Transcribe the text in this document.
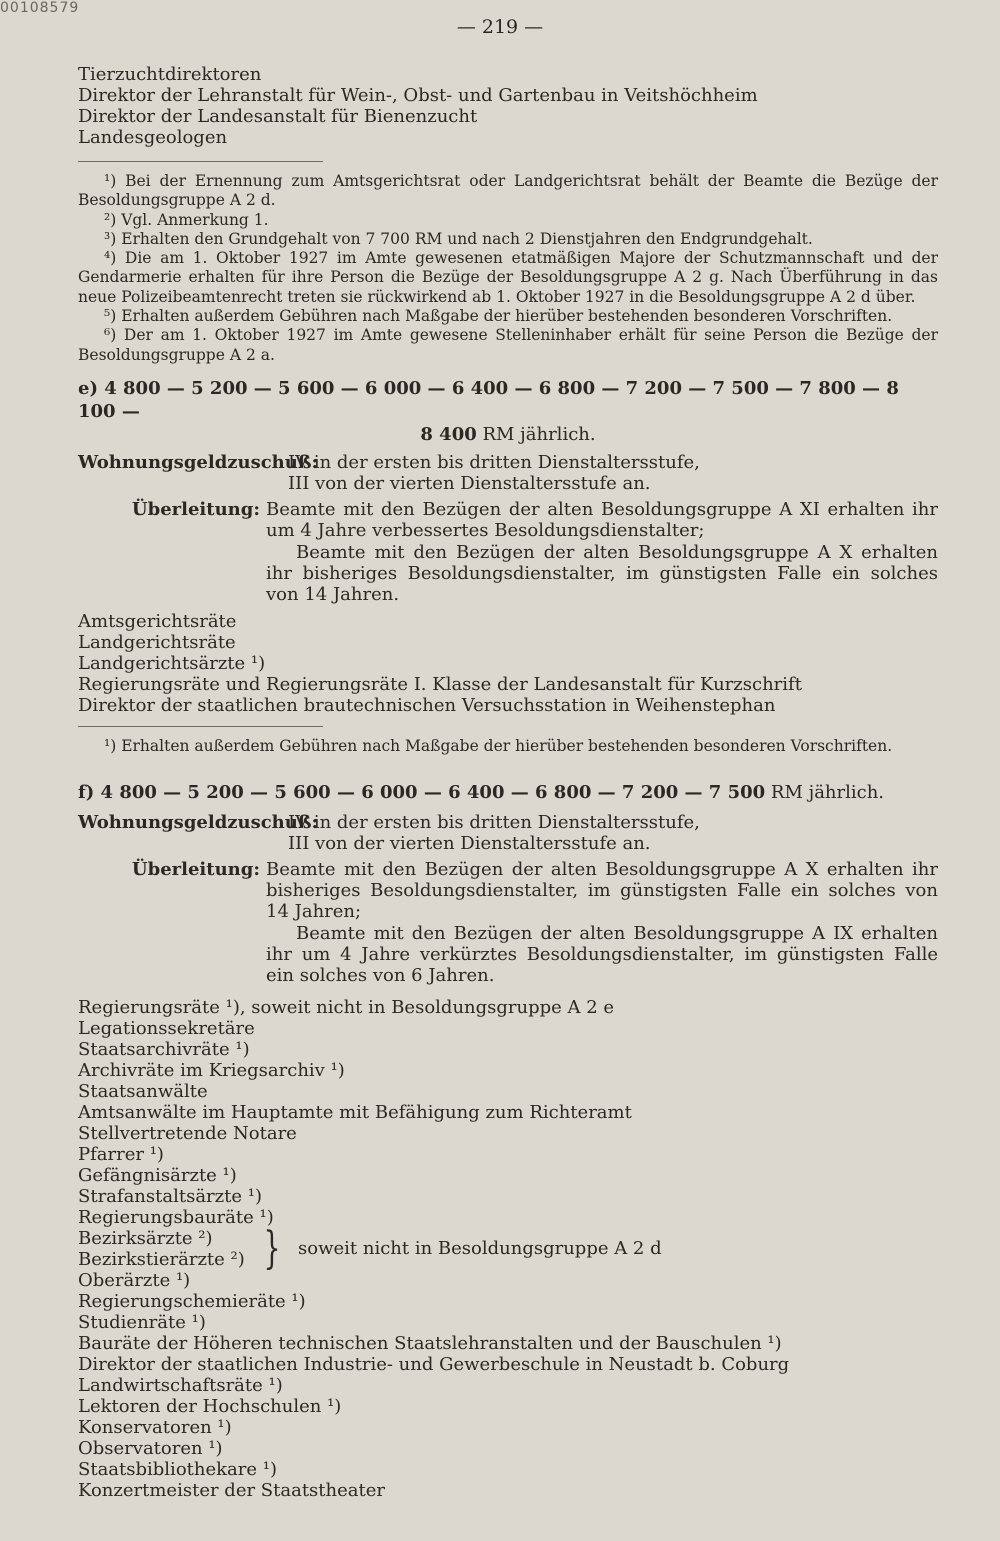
00108579
— 219 —
Tierzuchtdirektoren
Direktor der Lehranstalt für Wein-, Obst- und Gartenbau in Veitshöchheim
Direktor der Landesanstalt für Bienenzucht
Landesgeologen
¹) Bei der Ernennung zum Amtsgerichtsrat oder Landgerichtsrat behält der Beamte die Bezüge der Besoldungsgruppe A 2 d.
²) Vgl. Anmerkung 1.
³) Erhalten den Grundgehalt von 7 700 RM und nach 2 Dienstjahren den Endgrundgehalt.
⁴) Die am 1. Oktober 1927 im Amte gewesenen etatmäßigen Majore der Schutzmannschaft und der Gendarmerie erhalten für ihre Person die Bezüge der Besoldungsgruppe A 2 g. Nach Überführung in das neue Polizeibeamtenrecht treten sie rückwirkend ab 1. Oktober 1927 in die Besoldungsgruppe A 2 d über.
⁵) Erhalten außerdem Gebühren nach Maßgabe der hierüber bestehenden besonderen Vorschriften.
⁶) Der am 1. Oktober 1927 im Amte gewesene Stelleninhaber erhält für seine Person die Bezüge der Besoldungsgruppe A 2 a.
e) 4 800 — 5 200 — 5 600 — 6 000 — 6 400 — 6 800 — 7 200 — 7 500 — 7 800 — 8 100 —
8 400 RM jährlich.
Wohnungsgeldzuschuß:
IV in der ersten bis dritten Dienstaltersstufe,
III von der vierten Dienstaltersstufe an.
Überleitung: Beamte mit den Bezügen der alten Besoldungsgruppe A XI erhalten ihr um 4 Jahre verbessertes Besoldungsdienstalter;

Beamte mit den Bezügen der alten Besoldungsgruppe A X erhalten ihr bisheriges Besoldungsdienstalter, im günstigsten Falle ein solches von 14 Jahren.

Amtsgerichtsräte
Landgerichtsräte
Landgerichtsärzte ¹)
Regierungsräte und Regierungsräte I. Klasse der Landesanstalt für Kurzschrift
Direktor der staatlichen brautechnischen Versuchsstation in Weihenstephan
¹) Erhalten außerdem Gebühren nach Maßgabe der hierüber bestehenden besonderen Vorschriften.
f) 4 800 — 5 200 — 5 600 — 6 000 — 6 400 — 6 800 — 7 200 — 7 500 RM jährlich.
Wohnungsgeldzuschuß:
IV in der ersten bis dritten Dienstaltersstufe,
III von der vierten Dienstaltersstufe an.
Überleitung: Beamte mit den Bezügen der alten Besoldungsgruppe A X erhalten ihr bisheriges Besoldungsdienstalter, im günstigsten Falle ein solches von 14 Jahren;

Beamte mit den Bezügen der alten Besoldungsgruppe A IX erhalten ihr um 4 Jahre verkürztes Besoldungsdienstalter, im günstigsten Falle ein solches von 6 Jahren.

Regierungsräte ¹), soweit nicht in Besoldungsgruppe A 2 e
Legationssekretäre
Staatsarchivräte ¹)
Archivräte im Kriegsarchiv ¹)
Staatsanwälte
Amtsanwälte im Hauptamte mit Befähigung zum Richteramt
Stellvertretende Notare
Pfarrer ¹)
Gefängnisärzte ¹)
Strafanstaltsärzte ¹)
Regierungsbauräte ¹)
Bezirksärzte ²)
Bezirkstierärzte ²) } soweit nicht in Besoldungsgruppe A 2 d
Oberärzte ¹)
Regierungschemieräte ¹)
Studienräte ¹)
Bauräte der Höheren technischen Staatslehranstalten und der Bauschulen ¹)
Direktor der staatlichen Industrie- und Gewerbeschule in Neustadt b. Coburg
Landwirtschaftsräte ¹)
Lektoren der Hochschulen ¹)
Konservatoren ¹)
Observatoren ¹)
Staatsbibliothekare ¹)
Konzertmeister der Staatstheater
